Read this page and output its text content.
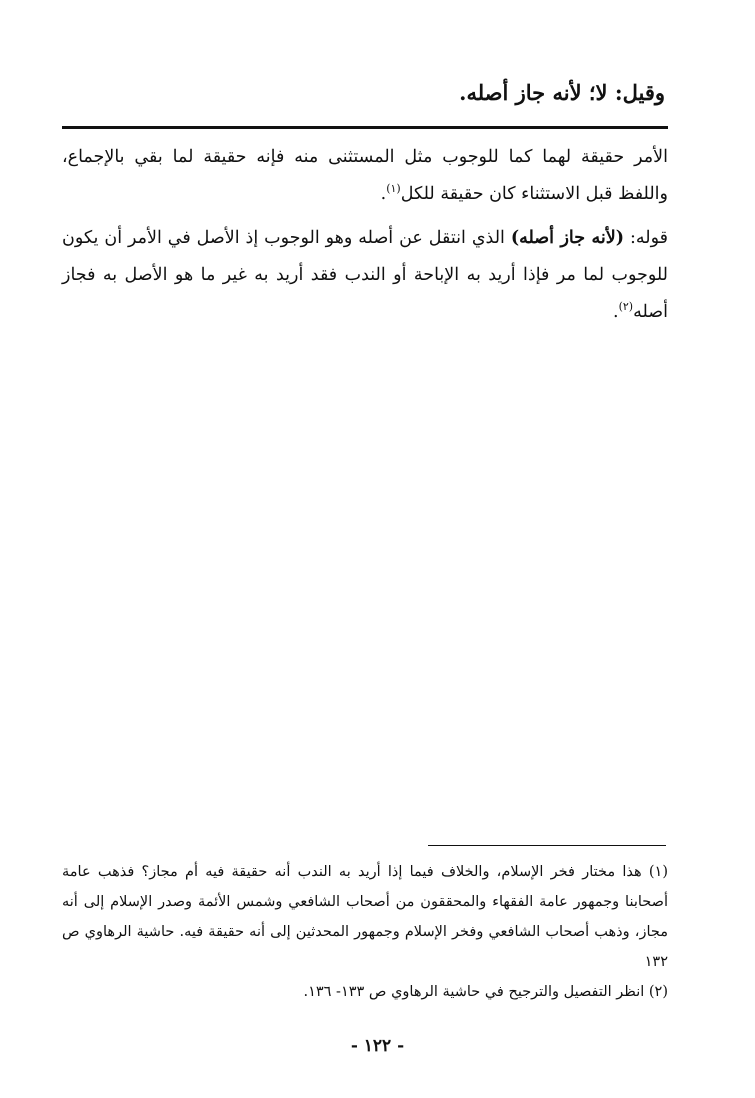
وقيل: لا؛ لأنه جاز أصله.

الأمر حقيقة لهما كما للوجوب مثل المستثنى منه فإنه حقيقة لما بقي بالإجماع، واللفظ قبل الاستثناء كان حقيقة للكل$^{(١)}$.

قوله: (لأنه جاز أصله) الذي انتقل عن أصله وهو الوجوب إذ الأصل في الأمر أن يكون للوجوب لما مر فإذا أريد به الإباحة أو الندب فقد أريد به غير ما هو الأصل به فجاز أصله$^{(٢)}$.

(١) هذا مختار فخر الإسلام، والخلاف فيما إذا أريد به الندب أنه حقيقة فيه أم مجاز؟ فذهب عامة أصحابنا وجمهور عامة الفقهاء والمحققون من أصحاب الشافعي وشمس الأئمة وصدر الإسلام إلى أنه مجاز، وذهب أصحاب الشافعي وفخر الإسلام وجمهور المحدثين إلى أنه حقيقة فيه. حاشية الرهاوي ص ١٣٢

(٢) انظر التفصيل والترجيح في حاشية الرهاوي ص ١٣٣- ١٣٦.

- ١٢٢ -
